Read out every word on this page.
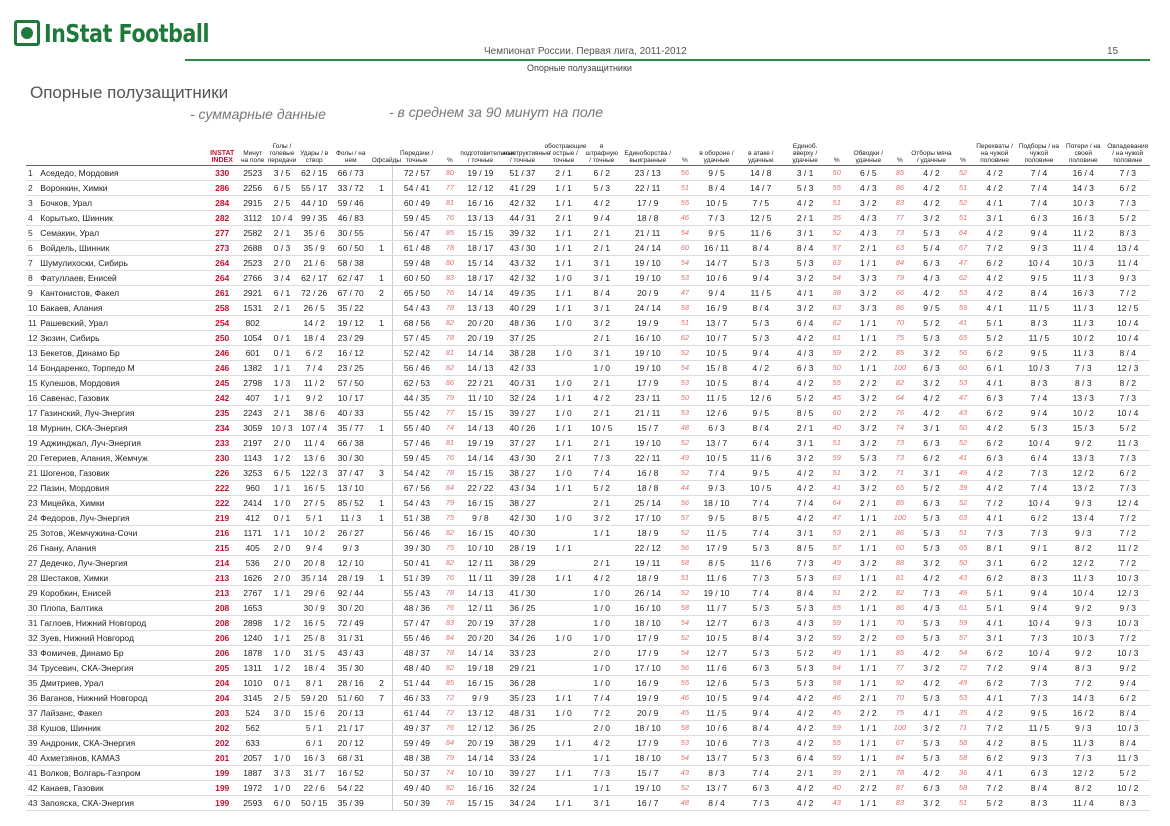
InStat Football
Чемпионат России. Первая лига, 2011-2012	15
Опорные полузащитники
Опорные полузащитники
- суммарные данные	- в среднем за 90 минут на поле
		INSTAT INDEX	Минут на поле	Голы / голевые передачи	Удары / в створ	Фолы / на нем	Офсайды	Передачи / точные	%	подготовительные / точные	конструктивные / точные	обострающие / острые / точные	в штрафную / точные	Единоборства / выигранные	%	в обороне / удачные	в атаке / удачные	Единоб. вверху / удачные	%	Обводки / удачные	%	Отборы мяча / удачные	%	Перехваты / на чужой половине	Подборы / на чужой половине	Потери / на своей половине	Овладевания / на чужой половине
1	Аседедо, Мордовия	330	2523	3 / 5	62 / 15	66 / 73		72 / 57	80	19 / 19	51 / 37	2 / 1	6 / 2	23 / 13	56	9 / 5	14 / 8	3 / 1	50	6 / 5	85	4 / 2	52	4 / 2	7 / 4	16 / 4	7 / 3
2	Воронкин, Химки	286	2256	6 / 5	55 / 17	33 / 72	1	54 / 41	77	12 / 12	41 / 29	1 / 1	5 / 3	22 / 11	51	8 / 4	14 / 7	5 / 3	55	4 / 3	86	4 / 2	51	4 / 2	7 / 4	14 / 3	6 / 2
3	Бочков, Урал	284	2915	2 / 5	44 / 10	59 / 46		60 / 49	81	16 / 16	42 / 32	1 / 1	4 / 2	17 / 9	55	10 / 5	7 / 5	4 / 2	51	3 / 2	83	4 / 2	52	4 / 1	7 / 4	10 / 3	7 / 3
4	Корытько, Шинник	282	3112	10 / 4	99 / 35	46 / 83		59 / 45	76	13 / 13	44 / 31	2 / 1	9 / 4	18 / 8	46	7 / 3	12 / 5	2 / 1	35	4 / 3	77	3 / 2	51	3 / 1	6 / 3	16 / 3	5 / 2
5	Семакин, Урал	277	2582	2 / 1	35 / 6	30 / 55		56 / 47	85	15 / 15	39 / 32	1 / 1	2 / 1	21 / 11	54	9 / 5	11 / 6	3 / 1	52	4 / 3	73	5 / 3	64	4 / 2	9 / 4	11 / 2	8 / 3
6	Войдель, Шинник	273	2688	0 / 3	35 / 9	60 / 50	1	61 / 48	78	18 / 17	43 / 30	1 / 1	2 / 1	24 / 14	60	16 / 11	8 / 4	8 / 4	57	2 / 1	63	5 / 4	67	7 / 2	9 / 3	11 / 4	13 / 4
7	Шумулихоски, Сибирь	264	2523	2 / 0	21 / 6	58 / 38		59 / 48	80	15 / 14	43 / 32	1 / 1	3 / 1	19 / 10	54	14 / 7	5 / 3	5 / 3	63	1 / 1	84	6 / 3	47	6 / 2	10 / 4	10 / 3	11 / 4
8	Фатуллаев, Енисей	264	2766	3 / 4	62 / 17	62 / 47	1	60 / 50	83	18 / 17	42 / 32	1 / 0	3 / 1	19 / 10	53	10 / 6	9 / 4	3 / 2	54	3 / 3	79	4 / 3	62	4 / 2	9 / 5	11 / 3	9 / 3
9	Кантонистов, Факел	261	2921	6 / 1	72 / 26	67 / 70	2	65 / 50	76	14 / 14	49 / 35	1 / 1	8 / 4	20 / 9	47	9 / 4	11 / 5	4 / 1	38	3 / 2	66	4 / 2	53	4 / 2	8 / 4	16 / 3	7 / 2
10	Бакаев, Алания	258	1531	2 / 1	26 / 5	35 / 22		54 / 43	78	13 / 13	40 / 29	1 / 1	3 / 1	24 / 14	58	16 / 9	8 / 4	3 / 2	63	3 / 3	86	9 / 5	59	4 / 1	11 / 5	11 / 3	12 / 5
11	Рашевский, Урал	254	802		14 / 2	19 / 12	1	68 / 56	82	20 / 20	48 / 36	1 / 0	3 / 2	19 / 9	51	13 / 7	5 / 3	6 / 4	62	1 / 1	70	5 / 2	41	5 / 1	8 / 3	11 / 3	10 / 4
12	Зюзин, Сибирь	250	1054	0 / 1	18 / 4	23 / 29		57 / 45	78	20 / 19	37 / 25		2 / 1	16 / 10	62	10 / 7	5 / 3	4 / 2	61	1 / 1	75	5 / 3	65	5 / 2	11 / 5	10 / 2	10 / 4
13	Бекетов, Динамо Бр	246	601	0 / 1	6 / 2	16 / 12		52 / 42	81	14 / 14	38 / 28	1 / 0	3 / 1	19 / 10	52	10 / 5	9 / 4	4 / 3	59	2 / 2	85	3 / 2	56	6 / 2	9 / 5	11 / 3	8 / 4
14	Бондаренко, Торпедо М	246	1382	1 / 1	7 / 4	23 / 25		56 / 46	82	14 / 13	42 / 33		1 / 0	19 / 10	54	15 / 8	4 / 2	6 / 3	50	1 / 1	100	6 / 3	60	6 / 1	10 / 3	7 / 3	12 / 3
15	Кулешов, Мордовия	245	2798	1 / 3	11 / 2	57 / 50		62 / 53	86	22 / 21	40 / 31	1 / 0	2 / 1	17 / 9	53	10 / 5	8 / 4	4 / 2	55	2 / 2	82	3 / 2	53	4 / 1	8 / 3	8 / 3	8 / 2
16	Савенас, Газовик	242	407	1 / 1	9 / 2	10 / 17		44 / 35	79	11 / 10	32 / 24	1 / 1	4 / 2	23 / 11	50	11 / 5	12 / 6	5 / 2	45	3 / 2	64	4 / 2	47	6 / 3	7 / 4	13 / 3	7 / 3
17	Газинский, Луч-Энергия	235	2243	2 / 1	38 / 6	40 / 33		55 / 42	77	15 / 15	39 / 27	1 / 0	2 / 1	21 / 11	53	12 / 6	9 / 5	8 / 5	60	2 / 2	76	4 / 2	43	6 / 2	9 / 4	10 / 2	10 / 4
18	Мурнин, СКА-Энергия	234	3059	10 / 3	107 / 4	35 / 77	1	55 / 40	74	14 / 13	40 / 26	1 / 1	10 / 5	15 / 7	48	6 / 3	8 / 4	2 / 1	40	3 / 2	74	3 / 1	50	4 / 2	5 / 3	15 / 3	5 / 2
19	Аджинджал, Луч-Энергия	233	2197	2 / 0	11 / 4	66 / 38		57 / 46	81	19 / 19	37 / 27	1 / 1	2 / 1	19 / 10	52	13 / 7	6 / 4	3 / 1	51	3 / 2	73	6 / 3	52	6 / 2	10 / 4	9 / 2	11 / 3
20	Гетериев, Алания, Жемчуж	230	1143	1 / 2	13 / 6	30 / 30		59 / 45	76	14 / 14	43 / 30	2 / 1	7 / 3	22 / 11	49	10 / 5	11 / 6	3 / 2	59	5 / 3	73	6 / 2	41	6 / 3	6 / 4	13 / 3	7 / 3
21	Шогенов, Газовик	226	3253	6 / 5	122 / 3	37 / 47	3	54 / 42	78	15 / 15	38 / 27	1 / 0	7 / 4	16 / 8	52	7 / 4	9 / 5	4 / 2	51	3 / 2	71	3 / 1	49	4 / 2	7 / 3	12 / 2	6 / 2
22	Пазин, Мордовия	222	960	1 / 1	16 / 5	13 / 10		67 / 56	84	22 / 22	43 / 34	1 / 1	5 / 2	18 / 8	44	9 / 3	10 / 5	4 / 2	41	3 / 2	65	5 / 2	39	4 / 2	7 / 4	13 / 2	7 / 3
23	Мицейка, Химки	222	2414	1 / 0	27 / 5	85 / 52	1	54 / 43	79	16 / 15	38 / 27		2 / 1	25 / 14	56	18 / 10	7 / 4	7 / 4	64	2 / 1	85	6 / 3	52	7 / 2	10 / 4	9 / 3	12 / 4
24	Федоров, Луч-Энергия	219	412	0 / 1	5 / 1	11 / 3	1	51 / 38	75	9 / 8	42 / 30	1 / 0	3 / 2	17 / 10	57	9 / 5	8 / 5	4 / 2	47	1 / 1	100	5 / 3	63	4 / 1	6 / 2	13 / 4	7 / 2
25	Зотов, Жемчужина-Сочи	216	1171	1 / 1	10 / 2	26 / 27		56 / 46	82	16 / 15	40 / 30		1 / 1	18 / 9	52	11 / 5	7 / 4	3 / 1	53	2 / 1	86	5 / 3	51	7 / 3	7 / 3	9 / 3	7 / 2
26	Гнану, Алания	215	405	2 / 0	9 / 4	9 / 3		39 / 30	75	10 / 10	28 / 19	1 / 1		22 / 12	56	17 / 9	5 / 3	8 / 5	57	1 / 1	60	5 / 3	65	8 / 1	9 / 1	8 / 2	11 / 2
27	Дедечко, Луч-Энергия	214	536	2 / 0	20 / 8	12 / 10		50 / 41	82	12 / 11	38 / 29		2 / 1	19 / 11	58	8 / 5	11 / 6	7 / 3	49	3 / 2	88	3 / 2	50	3 / 1	6 / 2	12 / 2	7 / 2
28	Шестаков, Химки	213	1626	2 / 0	35 / 14	28 / 19	1	51 / 39	76	11 / 11	39 / 28	1 / 1	4 / 2	18 / 9	51	11 / 6	7 / 3	5 / 3	63	1 / 1	81	4 / 2	43	6 / 2	8 / 3	11 / 3	10 / 3
29	Коробкин, Енисей	213	2767	1 / 1	29 / 6	92 / 44		55 / 43	78	14 / 13	41 / 30		1 / 0	26 / 14	52	19 / 10	7 / 4	8 / 4	51	2 / 2	82	7 / 3	49	5 / 1	9 / 4	10 / 4	12 / 3
30	Плопа, Балтика	208	1653		30 / 9	30 / 20		48 / 36	76	12 / 11	36 / 25		1 / 0	16 / 10	58	11 / 7	5 / 3	5 / 3	65	1 / 1	86	4 / 3	61	5 / 1	9 / 4	9 / 2	9 / 3
31	Гаглоев, Нижний Новгород	208	2898	1 / 2	16 / 5	72 / 49		57 / 47	83	20 / 19	37 / 28		1 / 0	18 / 10	54	12 / 7	6 / 3	4 / 3	59	1 / 1	70	5 / 3	59	4 / 1	10 / 4	9 / 3	10 / 3
32	Зуев, Нижний Новгород	206	1240	1 / 1	25 / 8	31 / 31		55 / 46	84	20 / 20	34 / 26	1 / 0	1 / 0	17 / 9	52	10 / 5	8 / 4	3 / 2	59	2 / 2	69	5 / 3	57	3 / 1	7 / 3	10 / 3	7 / 2
33	Фомичев, Динамо Бр	206	1878	1 / 0	31 / 5	43 / 43		48 / 37	78	14 / 14	33 / 23		2 / 0	17 / 9	54	12 / 7	5 / 3	5 / 2	49	1 / 1	85	4 / 2	54	6 / 2	10 / 4	9 / 2	10 / 3
34	Трусевич, СКА-Энергия	205	1311	1 / 2	18 / 4	35 / 30		48 / 40	82	19 / 18	29 / 21		1 / 0	17 / 10	56	11 / 6	6 / 3	5 / 3	54	1 / 1	77	3 / 2	72	7 / 2	9 / 4	8 / 3	9 / 2
35	Дмитриев, Урал	204	1010	0 / 1	8 / 1	28 / 16	2	51 / 44	85	16 / 15	36 / 28		1 / 0	16 / 9	55	12 / 6	5 / 3	5 / 3	58	1 / 1	92	4 / 2	49	6 / 2	7 / 3	7 / 2	9 / 4
36	Ваганов, Нижний Новгород	204	3145	2 / 5	59 / 20	51 / 60	7	46 / 33	72	9 / 9	35 / 23	1 / 1	7 / 4	19 / 9	46	10 / 5	9 / 4	4 / 2	46	2 / 1	70	5 / 3	53	4 / 1	7 / 3	14 / 3	6 / 2
37	Лайзанс, Факел	203	524	3 / 0	15 / 6	20 / 13		61 / 44	72	13 / 12	48 / 31	1 / 0	7 / 2	20 / 9	45	11 / 5	9 / 4	4 / 2	45	2 / 2	75	4 / 1	35	4 / 2	9 / 5	16 / 2	8 / 4
38	Кушов, Шинник	202	562		5 / 1	21 / 17		49 / 37	76	12 / 12	36 / 25		2 / 0	18 / 10	58	10 / 6	8 / 4	4 / 2	59	1 / 1	100	3 / 2	71	7 / 2	11 / 5	9 / 3	10 / 3
39	Андроник, СКА-Энергия	202	633		6 / 1	20 / 12		59 / 49	84	20 / 19	38 / 29	1 / 1	4 / 2	17 / 9	53	10 / 6	7 / 3	4 / 2	55	1 / 1	67	5 / 3	58	4 / 2	8 / 5	11 / 3	8 / 4
40	Ахметзянов, КАМАЗ	201	2057	1 / 0	16 / 3	68 / 31		48 / 38	79	14 / 14	33 / 24		1 / 1	18 / 10	54	13 / 7	5 / 3	6 / 4	59	1 / 1	84	5 / 3	58	6 / 2	9 / 3	7 / 3	11 / 3
41	Волков, Волгарь-Газпром	199	1887	3 / 3	31 / 7	16 / 52		50 / 37	74	10 / 10	39 / 27	1 / 1	7 / 3	15 / 7	43	8 / 3	7 / 4	2 / 1	39	2 / 1	78	4 / 2	36	4 / 1	6 / 3	12 / 2	5 / 2
42	Канаев, Газовик	199	1972	1 / 0	22 / 6	54 / 22		49 / 40	82	16 / 16	32 / 24		1 / 1	19 / 10	52	13 / 7	6 / 3	4 / 2	40	2 / 2	87	6 / 3	58	7 / 2	8 / 4	8 / 2	10 / 2
43	Запояска, СКА-Энергия	199	2593	6 / 0	50 / 15	35 / 39		50 / 39	78	15 / 15	34 / 24	1 / 1	3 / 1	16 / 7	48	8 / 4	7 / 3	4 / 2	43	1 / 1	83	3 / 2	51	5 / 2	8 / 3	11 / 4	8 / 3
